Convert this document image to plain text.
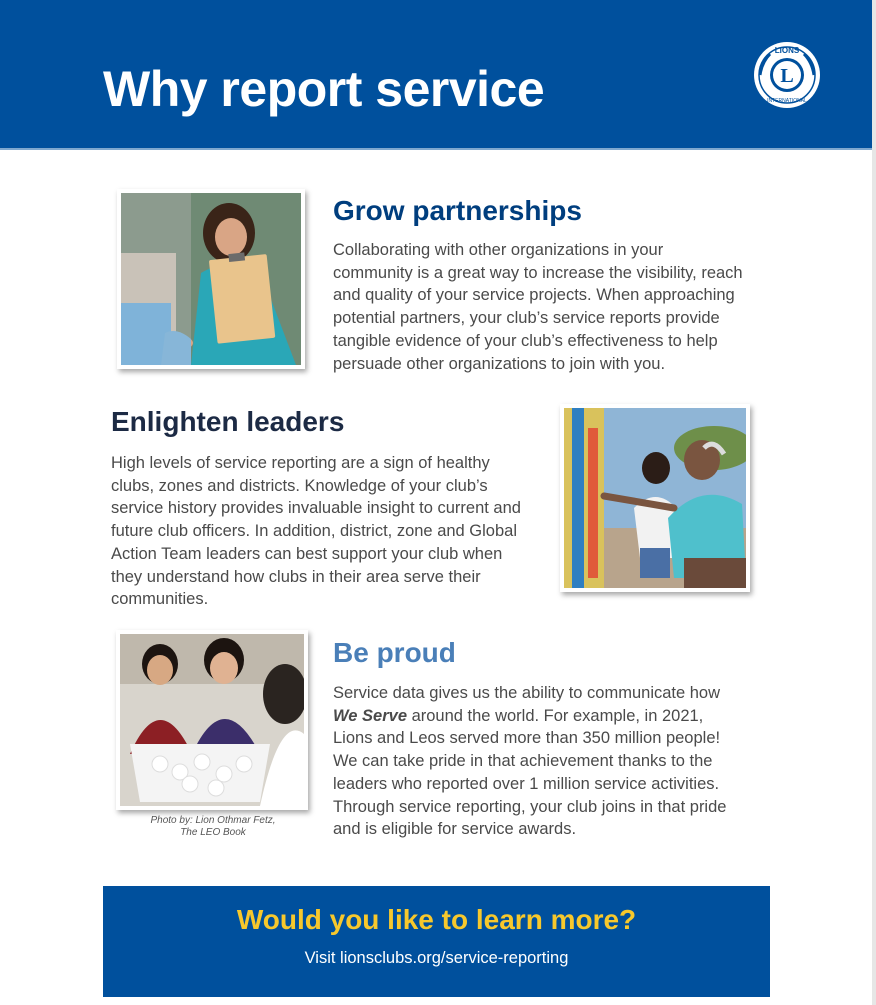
Why report service
LIONS
L
INTERNATIONAL
Grow partnerships
Collaborating with other organizations in your
community is a great way to increase the visibility, reach
and quality of your service projects. When approaching
potential partners, your club’s service reports provide
tangible evidence of your club’s effectiveness to help
persuade other organizations to join with you.
Enlighten leaders
High levels of service reporting are a sign of healthy
clubs, zones and districts. Knowledge of your club’s
service history provides invaluable insight to current and
future club officers. In addition, district, zone and Global
Action Team leaders can best support your club when
they understand how clubs in their area serve their
communities.
Photo by: Lion Othmar Fetz,
The LEO Book
Be proud
Service data gives us the ability to communicate how
We Serve around the world. For example, in 2021,
Lions and Leos served more than 350 million people!
We can take pride in that achievement thanks to the
leaders who reported over 1 million service activities.
Through service reporting, your club joins in that pride
and is eligible for service awards.
Would you like to learn more?
Visit lionsclubs.org/service-reporting
